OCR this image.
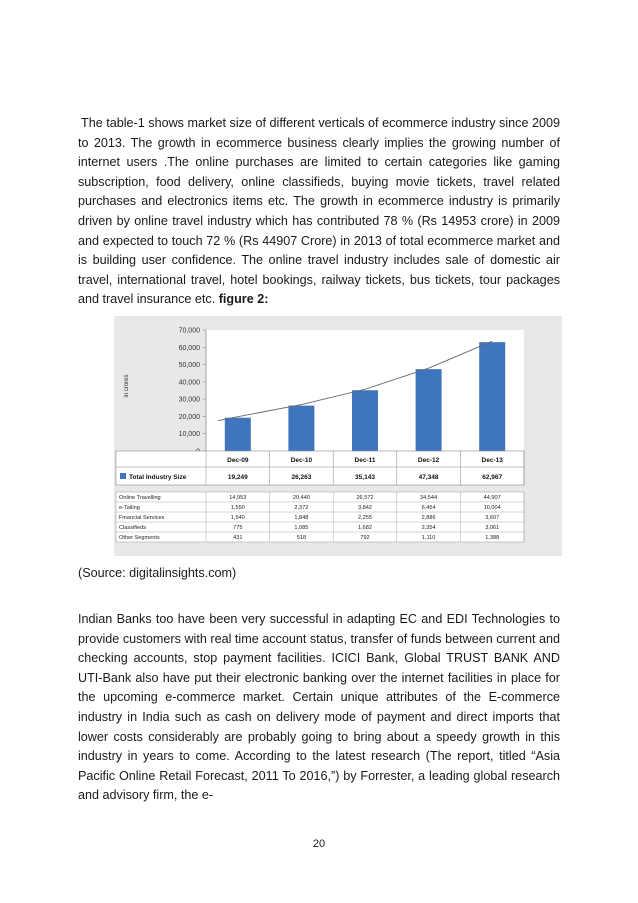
The table-1 shows market size of different verticals of ecommerce industry since 2009 to 2013. The growth in ecommerce business clearly implies the growing number of internet users .The online purchases are limited to certain categories like gaming subscription, food delivery, online classifieds, buying movie tickets, travel related purchases and electronics items etc. The growth in ecommerce industry is primarily driven by online travel industry which has contributed 78 % (Rs 14953 crore) in 2009 and expected to touch 72 % (Rs 44907 Crore) in 2013 of total ecommerce market and is building user confidence. The online travel industry includes sale of domestic air travel, international travel, hotel bookings, railway tickets, bus tickets, tour packages and travel insurance etc. figure 2:

10,000
20,000
30,000
40,000
50,000
60,000
70,000
in crores
Dec-09	Dec-10	Dec-11	Dec-12	Dec-13
Total Industry Size	19,249	26,263	35,143	47,348	62,967
Online Travelling	14,953	20,440	26,572	34,544	44,907
e-Tailing	1,550	2,372	3,842	6,454	10,004
Financial Services	1,540	1,848	2,255	2,886	3,607
Classifieds	775	1,085	1,682	2,354	3,061
Other Segments	431	518	792	1,110	1,388

(Source: digitalinsights.com)

Indian Banks too have been very successful in adapting EC and EDI Technologies to provide customers with real time account status, transfer of funds between current and checking accounts, stop payment facilities. ICICI Bank, Global TRUST BANK AND UTI-Bank also have put their electronic banking over the internet facilities in place for the upcoming e-commerce market. Certain unique attributes of the E-commerce industry in India such as cash on delivery mode of payment and direct imports that lower costs considerably are probably going to bring about a speedy growth in this industry in years to come. According to the latest research (The report, titled “Asia Pacific Online Retail Forecast, 2011 To 2016,”) by Forrester, a leading global research and advisory firm, the e-

20
